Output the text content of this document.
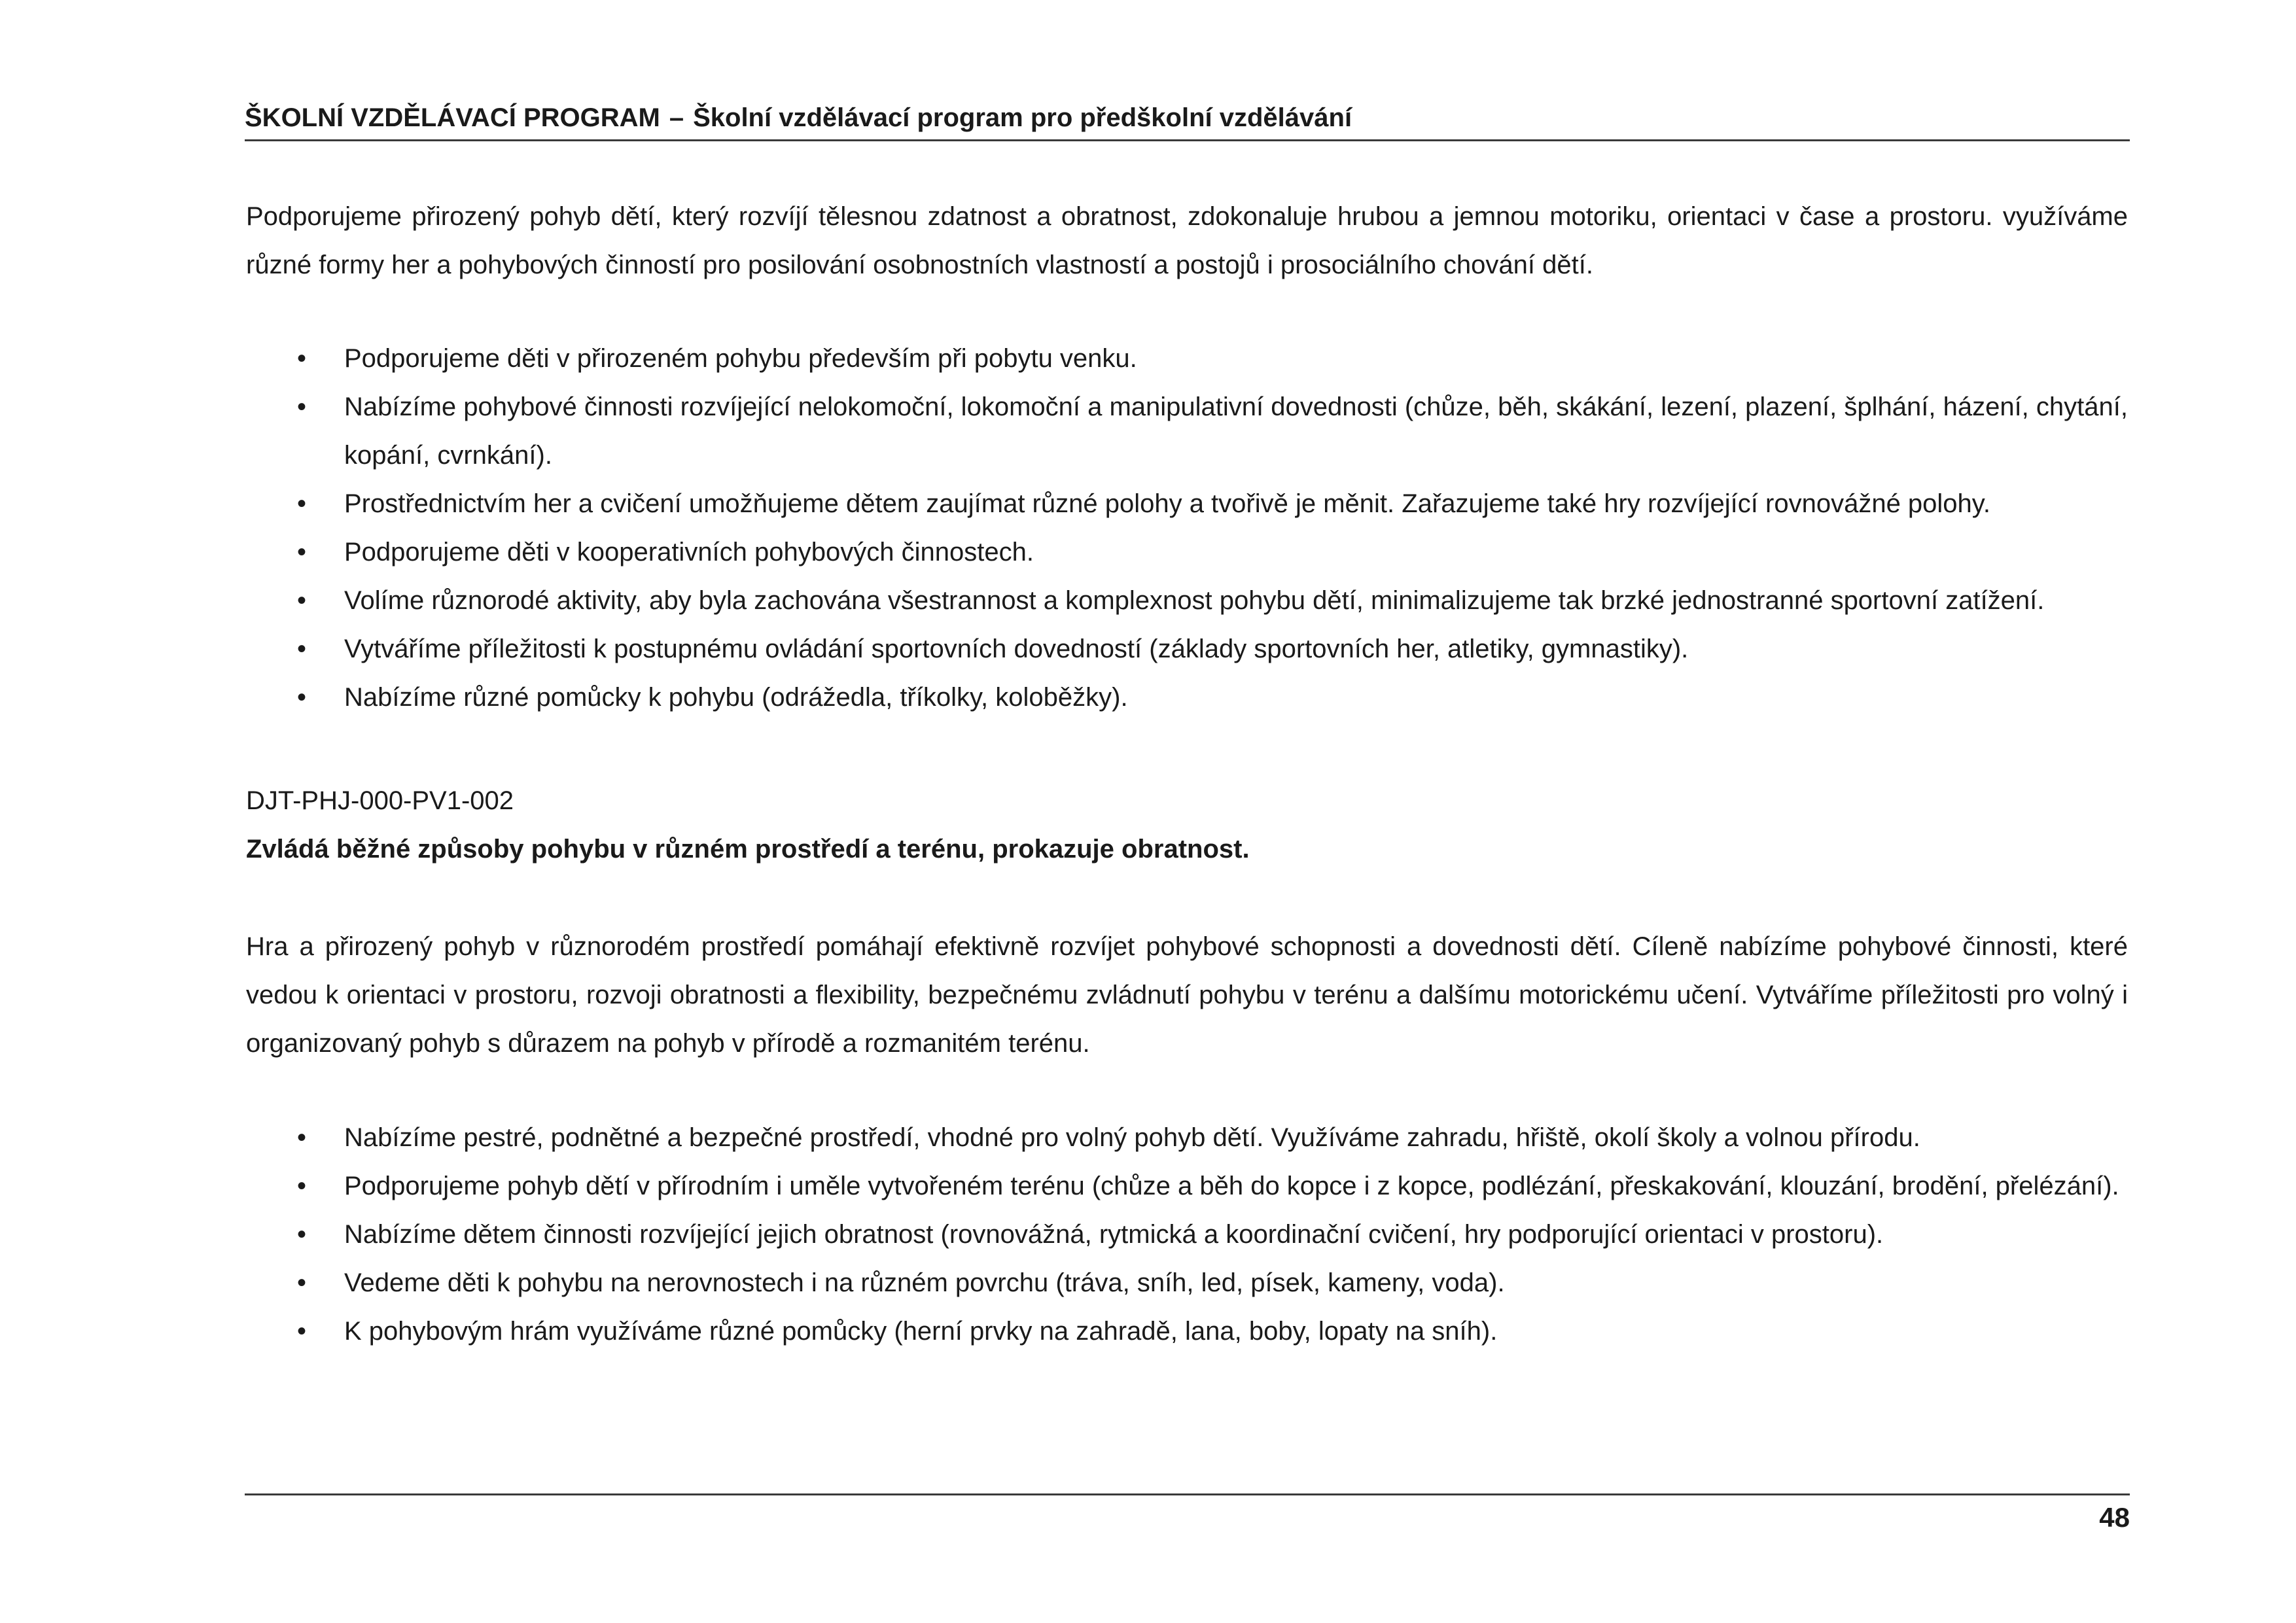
ŠKOLNÍ VZDĚLÁVACÍ PROGRAM – Školní vzdělávací program pro předškolní vzdělávání

Podporujeme přirozený pohyb dětí, který rozvíjí tělesnou zdatnost a obratnost, zdokonaluje hrubou a jemnou motoriku, orientaci v čase a prostoru. využíváme různé formy her a pohybových činností pro posilování osobnostních vlastností a postojů i prosociálního chování dětí.

• Podporujeme děti v přirozeném pohybu především při pobytu venku.
• Nabízíme pohybové činnosti rozvíjející nelokomoční, lokomoční a manipulativní dovednosti (chůze, běh, skákání, lezení, plazení, šplhání, házení, chytání, kopání, cvrnkání).
• Prostřednictvím her a cvičení umožňujeme dětem zaujímat různé polohy a tvořivě je měnit. Zařazujeme také hry rozvíjející rovnovážné polohy.
• Podporujeme děti v kooperativních pohybových činnostech.
• Volíme různorodé aktivity, aby byla zachována všestrannost a komplexnost pohybu dětí, minimalizujeme tak brzké jednostranné sportovní zatížení.
• Vytváříme příležitosti k postupnému ovládání sportovních dovedností (základy sportovních her, atletiky, gymnastiky).
• Nabízíme různé pomůcky k pohybu (odrážedla, tříkolky, koloběžky).
DJT-PHJ-000-PV1-002
Zvládá běžné způsoby pohybu v různém prostředí a terénu, prokazuje obratnost.

Hra a přirozený pohyb v různorodém prostředí pomáhají efektivně rozvíjet pohybové schopnosti a dovednosti dětí. Cíleně nabízíme pohybové činnosti, které vedou k orientaci v prostoru, rozvoji obratnosti a flexibility, bezpečnému zvládnutí pohybu v terénu a dalšímu motorickému učení. Vytváříme příležitosti pro volný i organizovaný pohyb s důrazem na pohyb v přírodě a rozmanitém terénu.

• Nabízíme pestré, podnětné a bezpečné prostředí, vhodné pro volný pohyb dětí. Využíváme zahradu, hřiště, okolí školy a volnou přírodu.
• Podporujeme pohyb dětí v přírodním i uměle vytvořeném terénu (chůze a běh do kopce i z kopce, podlézání, přeskakování, klouzání, brodění, přelézání).
• Nabízíme dětem činnosti rozvíjející jejich obratnost (rovnovážná, rytmická a koordinační cvičení, hry podporující orientaci v prostoru).
• Vedeme děti k pohybu na nerovnostech i na různém povrchu (tráva, sníh, led, písek, kameny, voda).
• K pohybovým hrám využíváme různé pomůcky (herní prvky na zahradě, lana, boby, lopaty na sníh).
48
